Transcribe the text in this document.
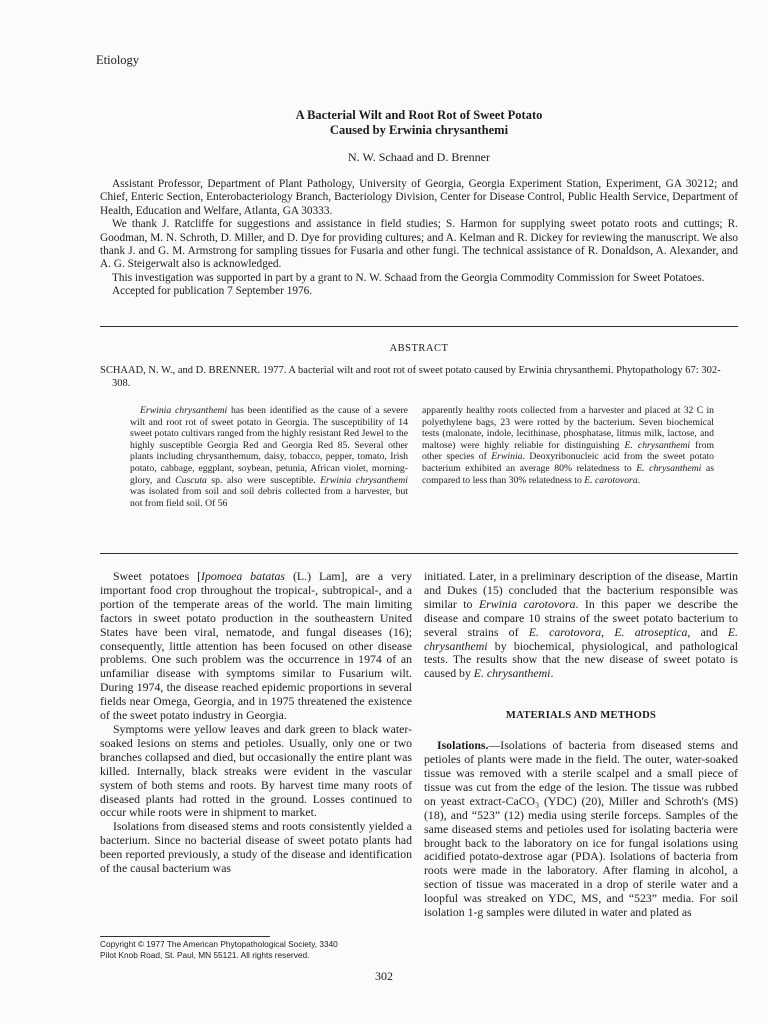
Etiology
A Bacterial Wilt and Root Rot of Sweet Potato
Caused by Erwinia chrysanthemi
N. W. Schaad and D. Brenner

Assistant Professor, Department of Plant Pathology, University of Georgia, Georgia Experiment Station, Experiment, GA 30212; and Chief, Enteric Section, Enterobacteriology Branch, Bacteriology Division, Center for Disease Control, Public Health Service, Department of Health, Education and Welfare, Atlanta, GA 30333.

We thank J. Ratcliffe for suggestions and assistance in field studies; S. Harmon for supplying sweet potato roots and cuttings; R. Goodman, M. N. Schroth, D. Miller, and D. Dye for providing cultures; and A. Kelman and R. Dickey for reviewing the manuscript. We also thank J. and G. M. Armstrong for sampling tissues for Fusaria and other fungi. The technical assistance of R. Donaldson, A. Alexander, and A. G. Steigerwalt also is acknowledged.

This investigation was supported in part by a grant to N. W. Schaad from the Georgia Commodity Commission for Sweet Potatoes.

Accepted for publication 7 September 1976.

ABSTRACT
SCHAAD, N. W., and D. BRENNER. 1977. A bacterial wilt and root rot of sweet potato caused by Erwinia chrysanthemi. Phytopathology 67: 302-308.

Erwinia chrysanthemi has been identified as the cause of a severe wilt and root rot of sweet potato in Georgia. The susceptibility of 14 sweet potato cultivars ranged from the highly resistant Red Jewel to the highly susceptible Georgia Red and Georgia Red 85. Several other plants including chrysanthemum, daisy, tobacco, pepper, tomato, Irish potato, cabbage, eggplant, soybean, petunia, African violet, morning-glory, and Cuscuta sp. also were susceptible. Erwinia chrysanthemi was isolated from soil and soil debris collected from a harvester, but not from field soil. Of 56

apparently healthy roots collected from a harvester and placed at 32 C in polyethylene bags, 23 were rotted by the bacterium. Seven biochemical tests (malonate, indole, lecithinase, phosphatase, litmus milk, lactose, and maltose) were highly reliable for distinguishing E. chrysanthemi from other species of Erwinia. Deoxyribonucleic acid from the sweet potato bacterium exhibited an average 80% relatedness to E. chrysanthemi as compared to less than 30% relatedness to E. carotovora.

Sweet potatoes [Ipomoea batatas (L.) Lam], are a very important food crop throughout the tropical-, subtropical-, and a portion of the temperate areas of the world. The main limiting factors in sweet potato production in the southeastern United States have been viral, nematode, and fungal diseases (16); consequently, little attention has been focused on other disease problems. One such problem was the occurrence in 1974 of an unfamiliar disease with symptoms similar to Fusarium wilt. During 1974, the disease reached epidemic proportions in several fields near Omega, Georgia, and in 1975 threatened the existence of the sweet potato industry in Georgia.

Symptoms were yellow leaves and dark green to black water-soaked lesions on stems and petioles. Usually, only one or two branches collapsed and died, but occasionally the entire plant was killed. Internally, black streaks were evident in the vascular system of both stems and roots. By harvest time many roots of diseased plants had rotted in the ground. Losses continued to occur while roots were in shipment to market.

Isolations from diseased stems and roots consistently yielded a bacterium. Since no bacterial disease of sweet potato plants had been reported previously, a study of the disease and identification of the causal bacterium was

initiated. Later, in a preliminary description of the disease, Martin and Dukes (15) concluded that the bacterium responsible was similar to Erwinia carotovora. In this paper we describe the disease and compare 10 strains of the sweet potato bacterium to several strains of E. carotovora, E. atroseptica, and E. chrysanthemi by biochemical, physiological, and pathological tests. The results show that the new disease of sweet potato is caused by E. chrysanthemi.

MATERIALS AND METHODS

Isolations.—Isolations of bacteria from diseased stems and petioles of plants were made in the field. The outer, water-soaked tissue was removed with a sterile scalpel and a small piece of tissue was cut from the edge of the lesion. The tissue was rubbed on yeast extract-CaCO₃ (YDC) (20), Miller and Schroth's (MS) (18), and “523” (12) media using sterile forceps. Samples of the same diseased stems and petioles used for isolating bacteria were brought back to the laboratory on ice for fungal isolations using acidified potato-dextrose agar (PDA). Isolations of bacteria from roots were made in the laboratory. After flaming in alcohol, a section of tissue was macerated in a drop of sterile water and a loopful was streaked on YDC, MS, and “523” media. For soil isolation 1-g samples were diluted in water and plated as

Copyright © 1977 The American Phytopathological Society, 3340
Pilot Knob Road, St. Paul, MN 55121. All rights reserved.
302
